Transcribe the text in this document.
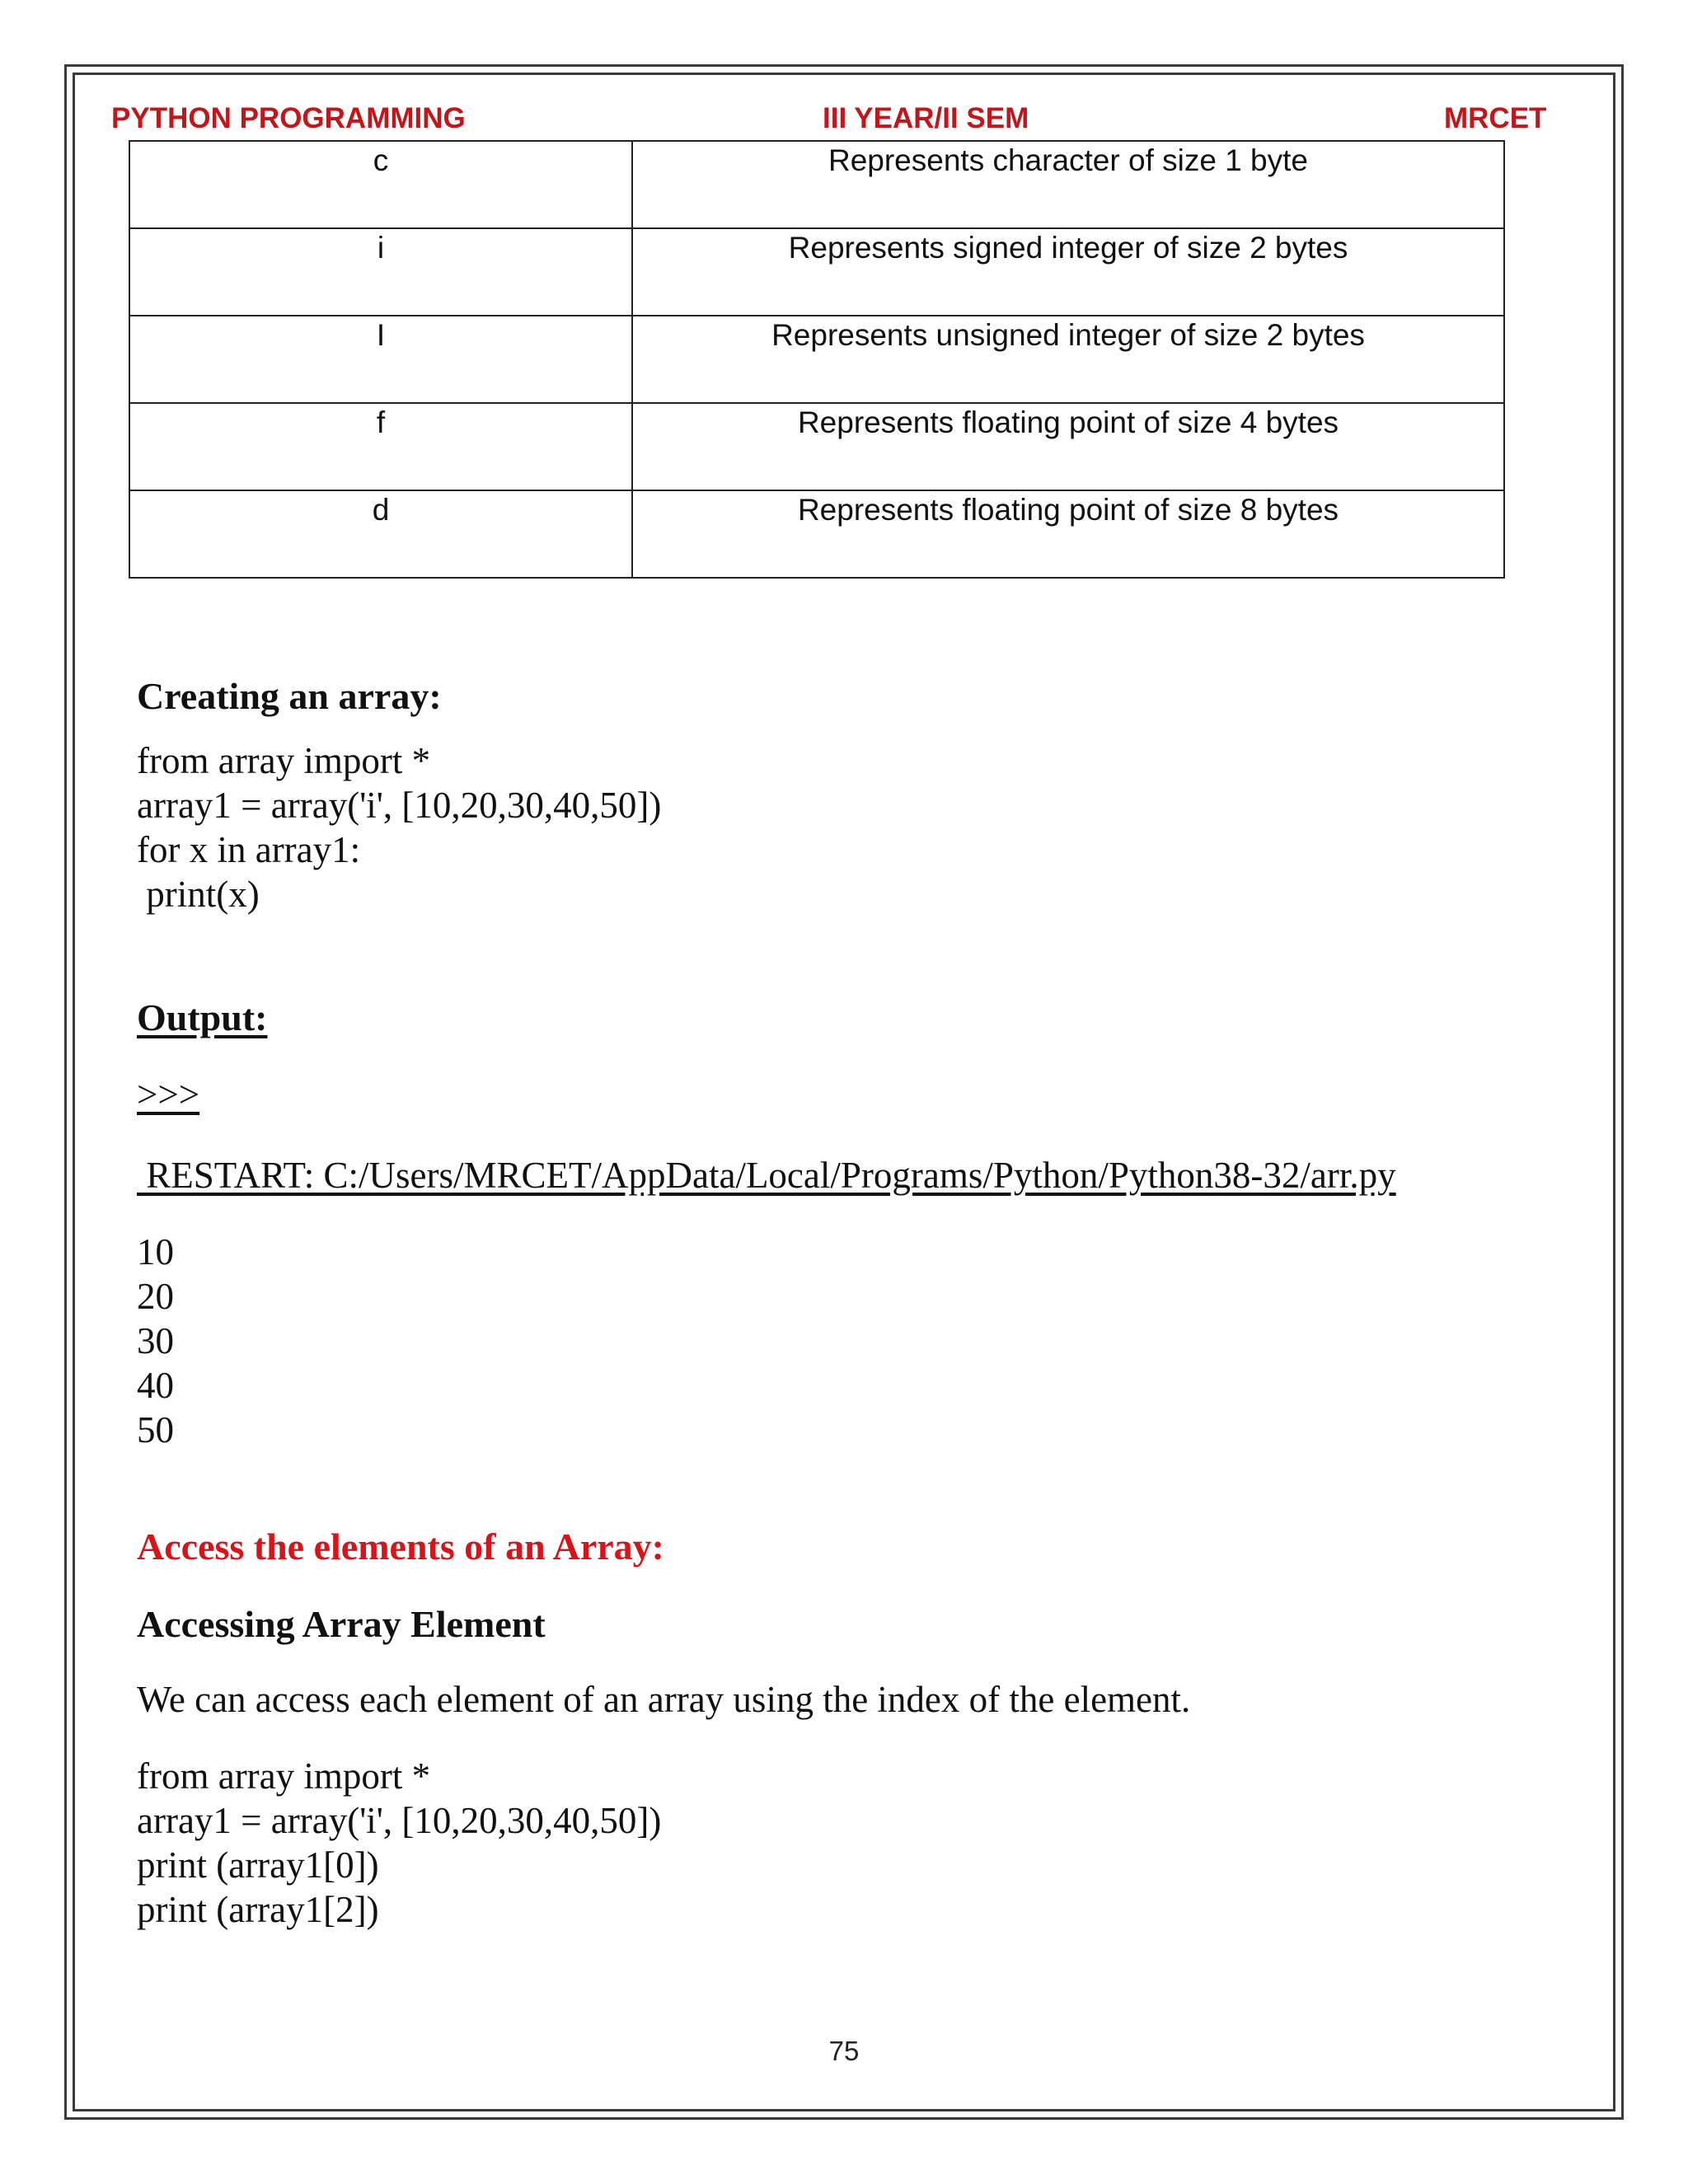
PYTHON PROGRAMMING	III YEAR/II SEM	MRCET
c	Represents character of size 1 byte
i	Represents signed integer of size 2 bytes
I	Represents unsigned integer of size 2 bytes
f	Represents floating point of size 4 bytes
d	Represents floating point of size 8 bytes
Creating an array:
from array import *
array1 = array('i', [10,20,30,40,50])
for x in array1:
print(x)
Output:
>>>
RESTART: C:/Users/MRCET/AppData/Local/Programs/Python/Python38-32/arr.py
10
20
30
40
50
Access the elements of an Array:
Accessing Array Element
We can access each element of an array using the index of the element.
from array import *
array1 = array('i', [10,20,30,40,50])
print (array1[0])
print (array1[2])
75
